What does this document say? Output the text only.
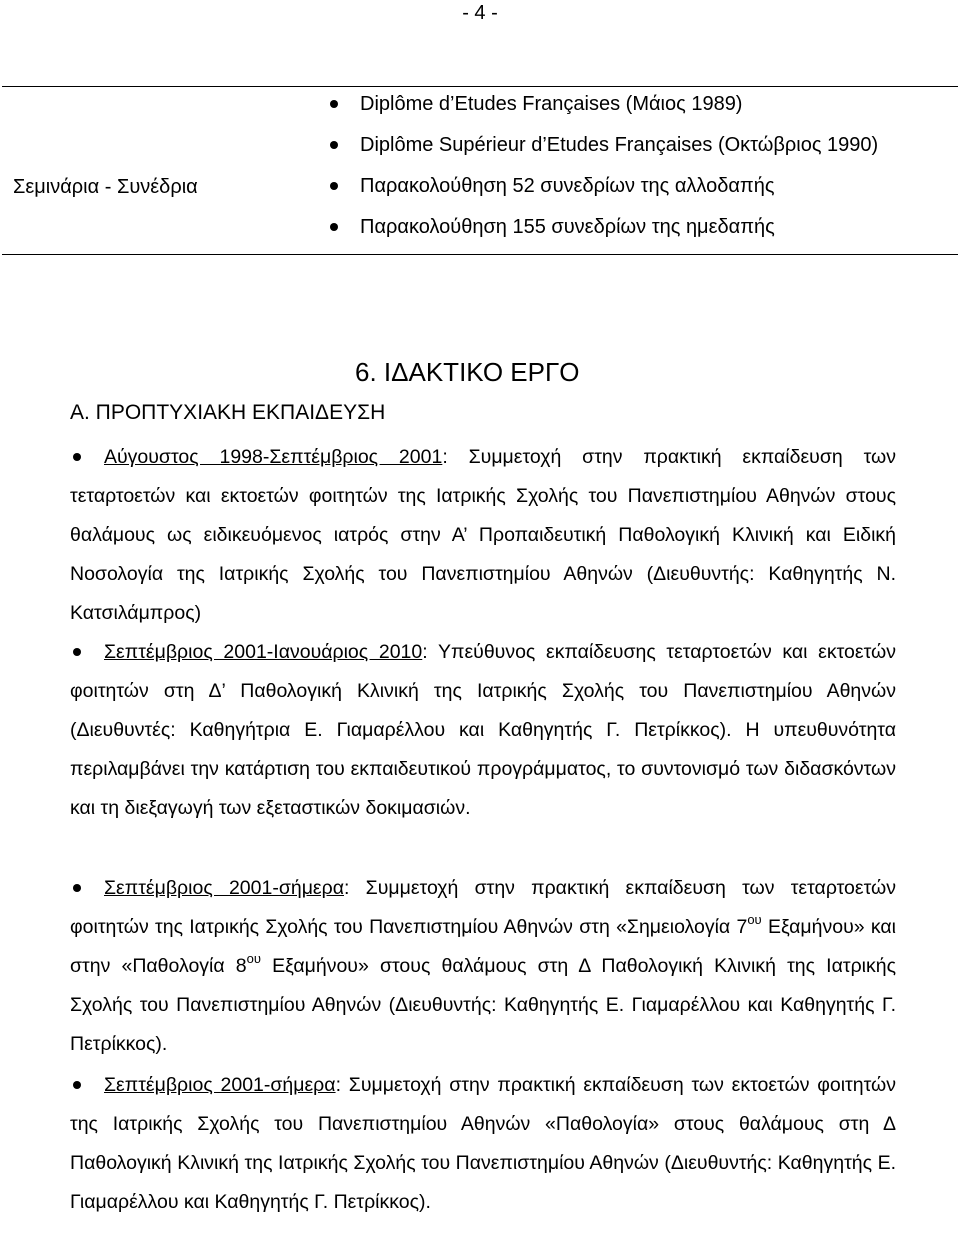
- 4 -
Diplôme d’Etudes Françaises (Μάιος 1989)
Diplôme Supérieur d’Etudes Françaises (Οκτώβριος 1990)
Παρακολούθηση 52 συνεδρίων της αλλοδαπής
Παρακολούθηση 155 συνεδρίων της ημεδαπής
Σεμινάρια - Συνέδρια
6. ΙΔΑΚΤΙΚΟ ΕΡΓΟ
Α. ΠΡΟΠΤΥΧΙΑΚΗ ΕΚΠΑΙΔΕΥΣΗ

Αύγουστος 1998-Σεπτέμβριος 2001: Συμμετοχή στην πρακτική εκπαίδευση των τεταρτοετών και εκτοετών φοιτητών της Ιατρικής Σχολής του Πανεπιστημίου Αθηνών στους θαλάμους ως ειδικευόμενος ιατρός στην Α’ Προπαιδευτική Παθολογική Κλινική και Ειδική Νοσολογία της Ιατρικής Σχολής του Πανεπιστημίου Αθηνών (Διευθυντής: Καθηγητής Ν. Κατσιλάμπρος)

Σεπτέμβριος 2001-Ιανουάριος 2010: Υπεύθυνος εκπαίδευσης τεταρτοετών και εκτοετών φοιτητών στη Δ’ Παθολογική Κλινική της Ιατρικής Σχολής του Πανεπιστημίου Αθηνών (Διευθυντές: Καθηγήτρια Ε. Γιαμαρέλλου και Καθηγητής Γ. Πετρίκκος). Η υπευθυνότητα περιλαμβάνει την κατάρτιση του εκπαιδευτικού προγράμματος, το συντονισμό των διδασκόντων και τη διεξαγωγή των εξεταστικών δοκιμασιών.

Σεπτέμβριος 2001-σήμερα: Συμμετοχή στην πρακτική εκπαίδευση των τεταρτοετών φοιτητών της Ιατρικής Σχολής του Πανεπιστημίου Αθηνών στη «Σημειολογία $7^{o\upsilon}$ Εξαμήνου» και στην «Παθολογία $8^{o\upsilon}$ Εξαμήνου» στους θαλάμους στη Δ Παθολογική Κλινική της Ιατρικής Σχολής του Πανεπιστημίου Αθηνών (Διευθυντής: Καθηγητής Ε. Γιαμαρέλλου και Καθηγητής Γ. Πετρίκκος).

Σεπτέμβριος 2001-σήμερα: Συμμετοχή στην πρακτική εκπαίδευση των εκτοετών φοιτητών της Ιατρικής Σχολής του Πανεπιστημίου Αθηνών «Παθολογία» στους θαλάμους στη Δ Παθολογική Κλινική της Ιατρικής Σχολής του Πανεπιστημίου Αθηνών (Διευθυντής: Καθηγητής Ε. Γιαμαρέλλου και Καθηγητής Γ. Πετρίκκος).
